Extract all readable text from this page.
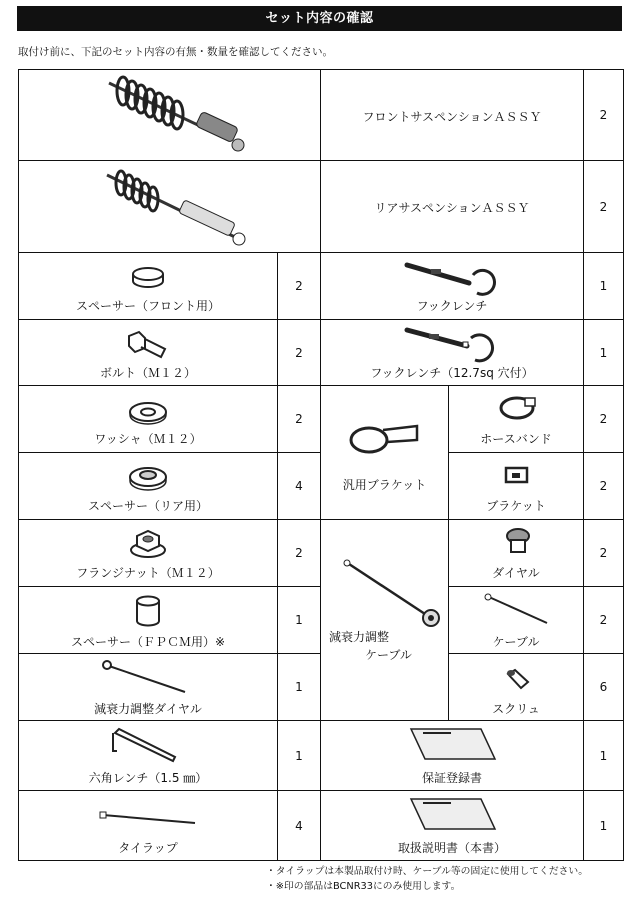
セット内容の確認
取付け前に、下記のセット内容の有無・数量を確認してください。
フロントサスペンションＡＳＳＹ	2
リアサスペンションＡＳＳＹ	2
スペーサー（フロント用）
2
ボルト（Ｍ１２）
2
ワッシャ（Ｍ１２）
2
スペーサー（リア用）
4
フランジナット（Ｍ１２）
2
スペーサー（ＦＰＣＭ用）※
1
減衰力調整ダイヤル
1
六角レンチ（1.5 ㎜）
1
タイラップ
4
フックレンチ
1
フックレンチ（12.7sq 穴付）
1
汎用ブラケット
ホースバンド
2
ブラケット
2
減衰力調整
ケーブル
ダイヤル
2
ケーブル
2
スクリュ
6
保証登録書
1
取扱説明書（本書）
1
・タイラップは本製品取付け時、ケーブル等の固定に使用してください。
・※印の部品はBCNR33にのみ使用します。
